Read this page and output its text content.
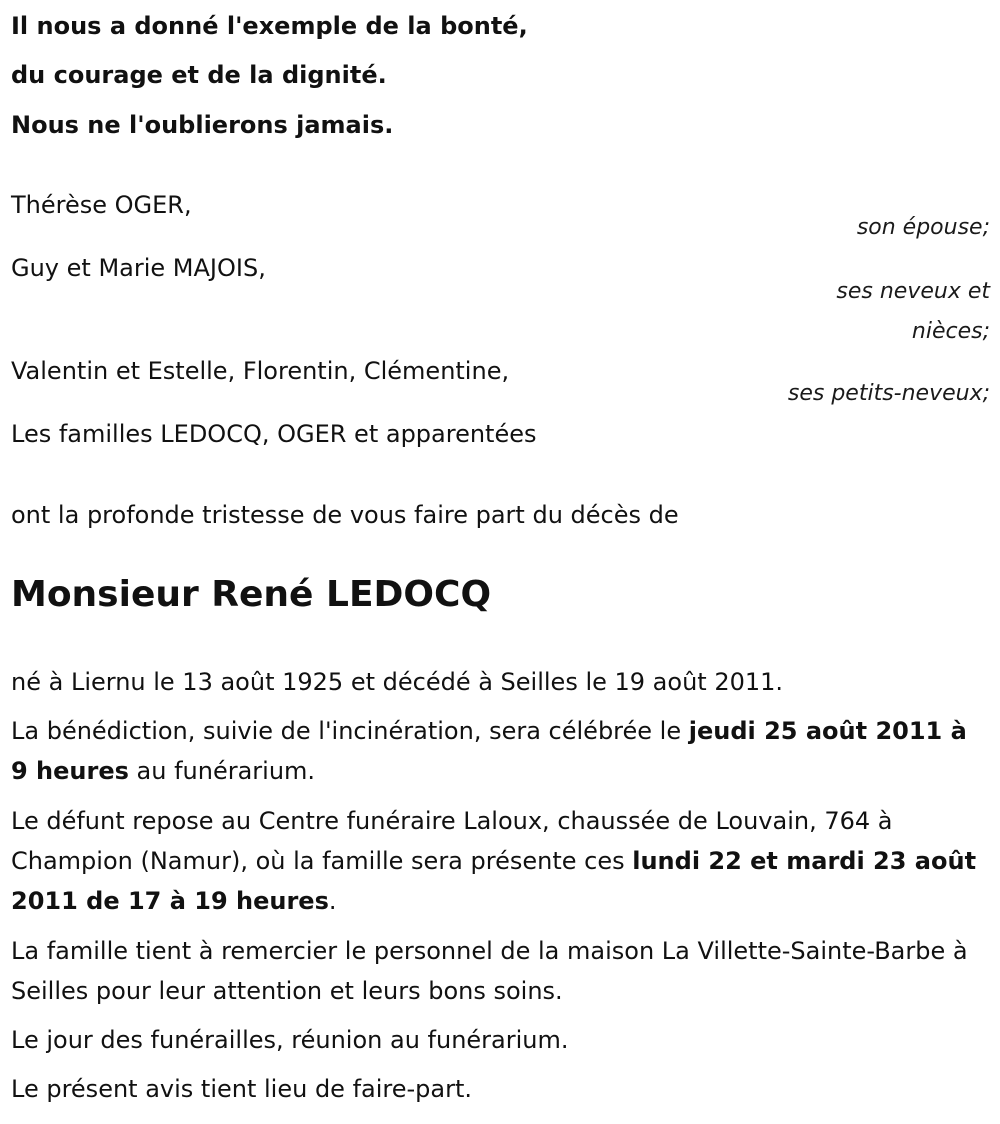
Il nous a donné l'exemple de la bonté,

du courage et de la dignité.

Nous ne l'oublierons jamais.

Thérèse OGER,

son épouse;

Guy et Marie MAJOIS,

ses neveux et
nièces;

Valentin et Estelle, Florentin, Clémentine,

ses petits-neveux;

Les familles LEDOCQ, OGER et apparentées

ont la profonde tristesse de vous faire part du décès de

Monsieur René LEDOCQ

né à Liernu le 13 août 1925 et décédé à Seilles le 19 août 2011.

La bénédiction, suivie de l'incinération, sera célébrée le jeudi 25 août 2011 à 9 heures au funérarium.

Le défunt repose au Centre funéraire Laloux, chaussée de Louvain, 764 à Champion (Namur), où la famille sera présente ces lundi 22 et mardi 23 août 2011 de 17 à 19 heures.

La famille tient à remercier le personnel de la maison La Villette-Sainte-Barbe à Seilles pour leur attention et leurs bons soins.

Le jour des funérailles, réunion au funérarium.

Le présent avis tient lieu de faire-part.
